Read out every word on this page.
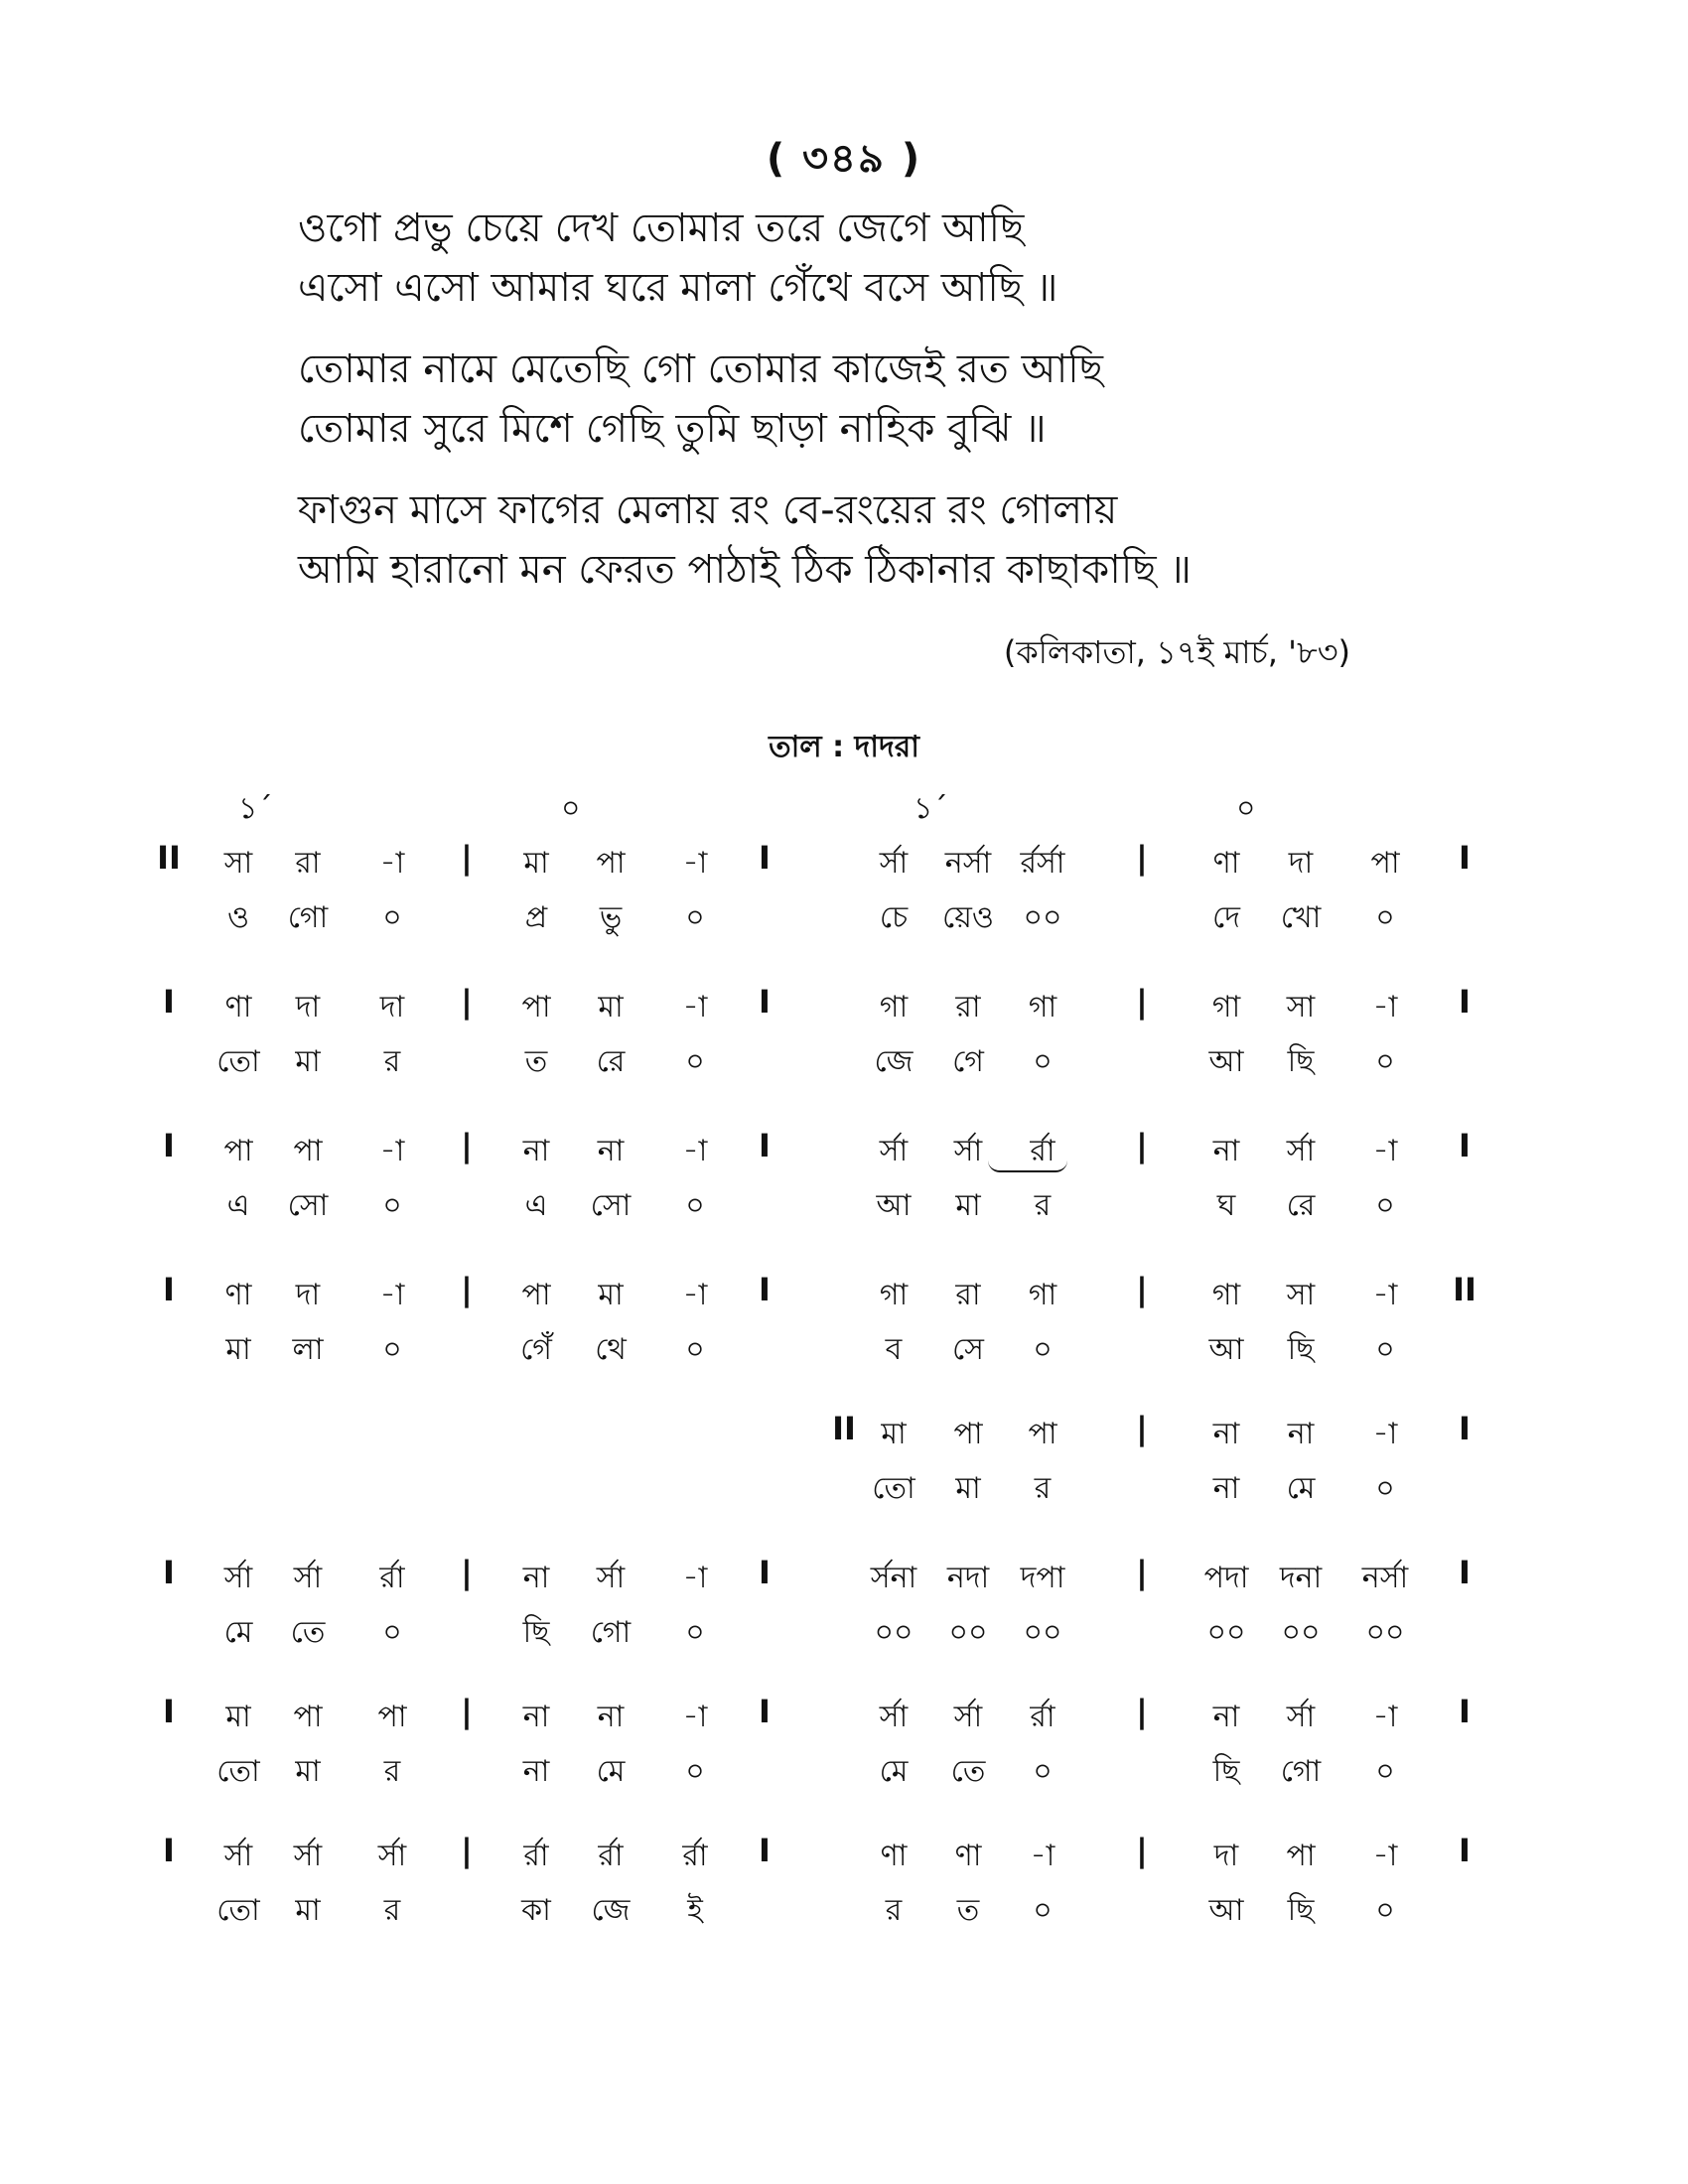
( ৩৪৯ )
ওগো প্রভু চেয়ে দেখ তোমার তরে জেগে আছি
এসো এসো আমার ঘরে মালা গেঁথে বসে আছি ॥
তোমার নামে মেতেছি গো তোমার কাজেই রত আছি
তোমার সুরে মিশে গেছি তুমি ছাড়া নাহিক বুঝি ॥
ফাগুন মাসে ফাগের মেলায় রং বে-রংয়ের রং গোলায়
আমি হারানো মন ফেরত পাঠাই ঠিক ঠিকানার কাছাকাছি ॥
(কলিকাতা, ১৭ই মার্চ, '৮৩)
তাল : দাদরা
১´	০	১´	০
II	I
|	I	|
সা রা -া	মা পা -া	র্সা নর্সা র্রর্সা	ণা দা পা
ও গো ০	প্র ভু ০	চে য়েও ০০	দে খো ০
I	I
|	I	|
ণা দা দা	পা মা -া	গা রা গা	গা সা -া
তো মা র	ত রে ০	জে গে ০	আ ছি ০
I	I
|	I	|
পা পা -া	না না -া	র্সা র্সা র্রা	না র্সা -া
এ সো ০	এ সো ০	আ মা র	ঘ রে ০
I	II
|	I	|
ণা দা -া	পা মা -া	গা রা গা	গা সা -া
মা লা ০	গেঁ থে ০	ব সে ০	আ ছি ০
II	I
|
মা পা পা	না না -া
তো মা র	না মে ০
I	I
|	I	|
র্সা র্সা র্রা	না র্সা -া	র্সনা নদা দপা	পদা দনা নর্সা
মে তে ০	ছি গো ০	০০ ০০ ০০	০০ ০০ ০০
I	I
|	I	|
মা পা পা	না না -া	র্সা র্সা র্রা	না র্সা -া
তো মা র	না মে ০	মে তে ০	ছি গো ০
I	I
|	I	|
র্সা র্সা র্সা	র্রা র্রা র্রা	ণা ণা -া	দা পা -া
তো মা র	কা জে ই	র ত ০	আ ছি ০
